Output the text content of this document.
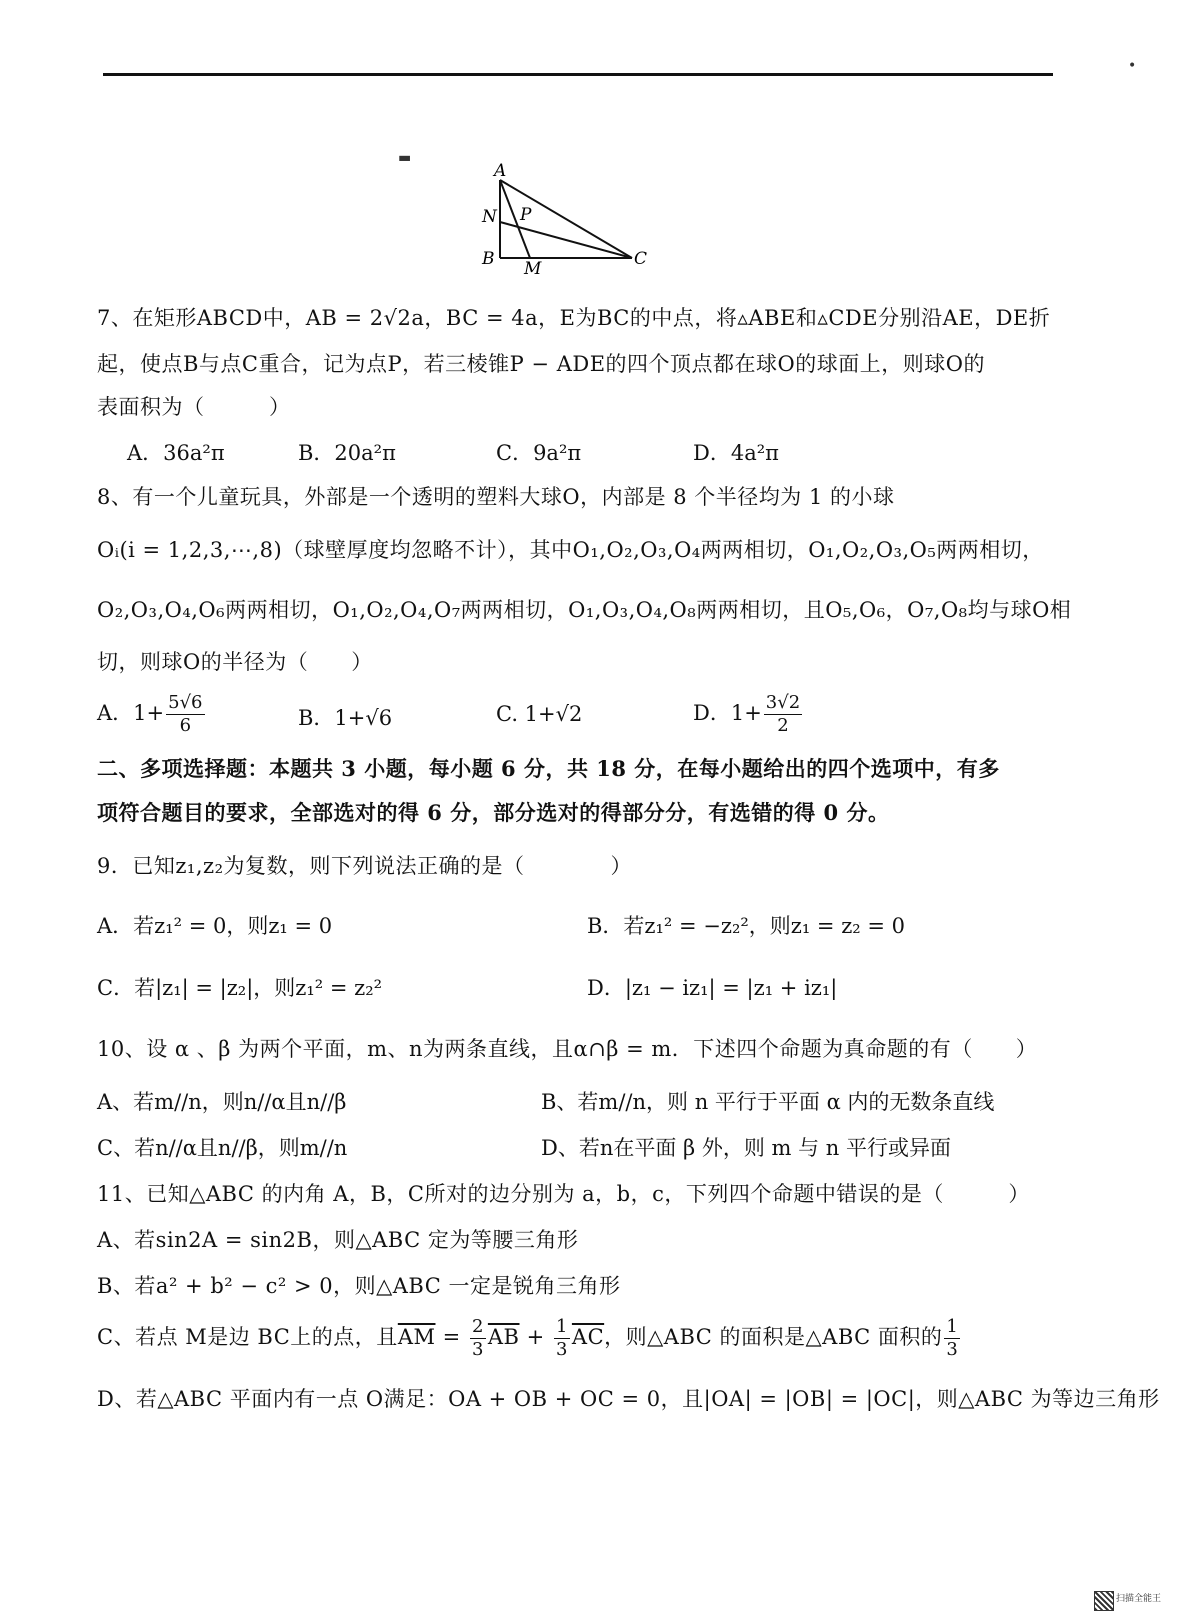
•
▬
A
N P
B M	C
7、在矩形ABCD中，AB = 2√2a，BC = 4a，E为BC的中点，将▵ABE和▵CDE分别沿AE，DE折
起，使点B与点C重合，记为点P，若三棱锥P − ADE的四个顶点都在球O的球面上，则球O的
表面积为（　　　）
A．36a²π	B．20a²π	C．9a²π	D．4a²π
8、有一个儿童玩具，外部是一个透明的塑料大球O，内部是 8 个半径均为 1 的小球
Oᵢ(i = 1,2,3,⋯,8)（球壁厚度均忽略不计），其中O₁,O₂,O₃,O₄两两相切，O₁,O₂,O₃,O₅两两相切，
O₂,O₃,O₄,O₆两两相切，O₁,O₂,O₄,O₇两两相切，O₁,O₃,O₄,O₈两两相切，且O₅,O₆，O₇,O₈均与球O相
切，则球O的半径为（　　）
A．$1+ \frac{5√6}{6}$	B．1+√6	C. 1+√2	D．$1+ \frac{3√2}{2}$
二、多项选择题：本题共 3 小题，每小题 6 分，共 18 分，在每小题给出的四个选项中，有多
项符合题目的要求，全部选对的得 6 分，部分选对的得部分分，有选错的得 0 分。
9．已知z₁,z₂为复数，则下列说法正确的是（　　　　）
A．若z₁² = 0，则z₁ = 0	B．若z₁² = −z₂²，则z₁ = z₂ = 0
C．若|z₁| = |z₂|，则z₁² = z₂²	D．|z₁ − iz₁| = |z₁ + iz₁|
10、设 α 、β 为两个平面，m、n为两条直线，且α∩β = m．下述四个命题为真命题的有（　　）
A、若m//n，则n//α且n//β	B、若m//n，则 n 平行于平面 α 内的无数条直线
C、若n//α且n//β，则m//n	D、若n在平面 β 外，则 m 与 n 平行或异面
11、已知△ABC 的内角 A，B，C所对的边分别为 a，b，c，下列四个命题中错误的是（　　　）
A、若sin2A = sin2B，则△ABC 定为等腰三角形
B、若a² + b² − c² > 0，则△ABC 一定是锐角三角形
C、若点 M是边 BC上的点，且$\overline{AM} = \frac{2}{3} \overline{AB} + \frac{1}{3} \overline{AC}$，则△ABC 的面积是△ABC 面积的 $\frac{1}{3}$
D、若△ABC 平面内有一点 O满足：OA + OB + OC = 0，且|OA| = |OB| = |OC|，则△ABC 为等边三角形
扫描全能王
